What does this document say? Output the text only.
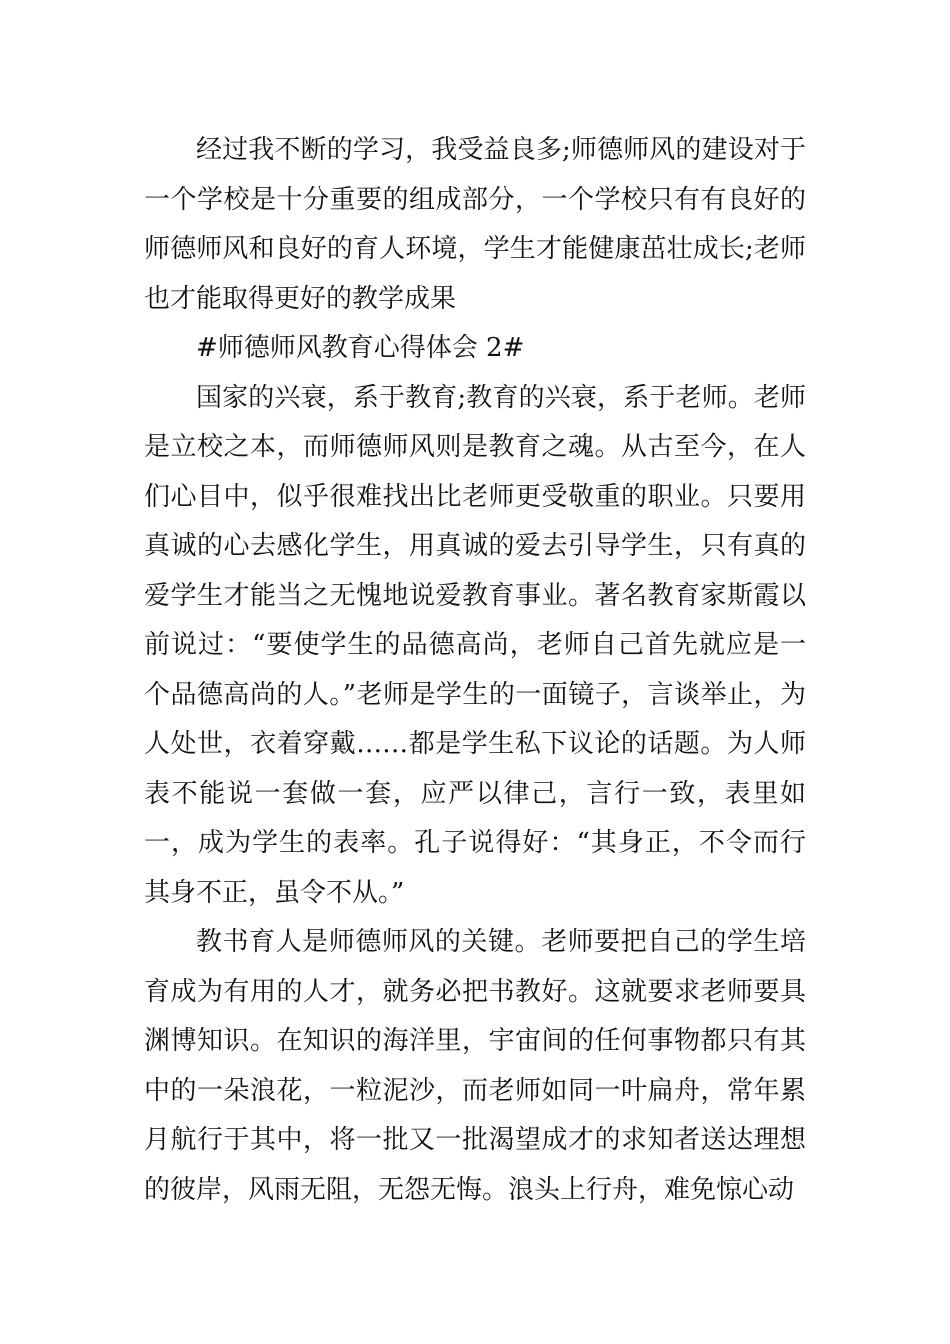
经过我不断的学习，我受益良多;师德师风的建设对于一个学校是十分重要的组成部分，一个学校只有有良好的师德师风和良好的育人环境，学生才能健康茁壮成长;老师也才能取得更好的教学成果

#师德师风教育心得体会 2#

国家的兴衰，系于教育;教育的兴衰，系于老师。老师是立校之本，而师德师风则是教育之魂。从古至今，在人们心目中，似乎很难找出比老师更受敬重的职业。只要用真诚的心去感化学生，用真诚的爱去引导学生，只有真的爱学生才能当之无愧地说爱教育事业。著名教育家斯霞以前说过：“要使学生的品德高尚，老师自己首先就应是一个品德高尚的人。”老师是学生的一面镜子，言谈举止，为人处世，衣着穿戴……都是学生私下议论的话题。为人师表不能说一套做一套，应严以律己，言行一致，表里如一，成为学生的表率。孔子说得好：“其身正，不令而行其身不正，虽令不从。”

教书育人是师德师风的关键。老师要把自己的学生培育成为有用的人才，就务必把书教好。这就要求老师要具渊博知识。在知识的海洋里，宇宙间的任何事物都只有其中的一朵浪花，一粒泥沙，而老师如同一叶扁舟，常年累月航行于其中，将一批又一批渴望成才的求知者送达理想的彼岸，风雨无阻，无怨无悔。浪头上行舟，难免惊心动
